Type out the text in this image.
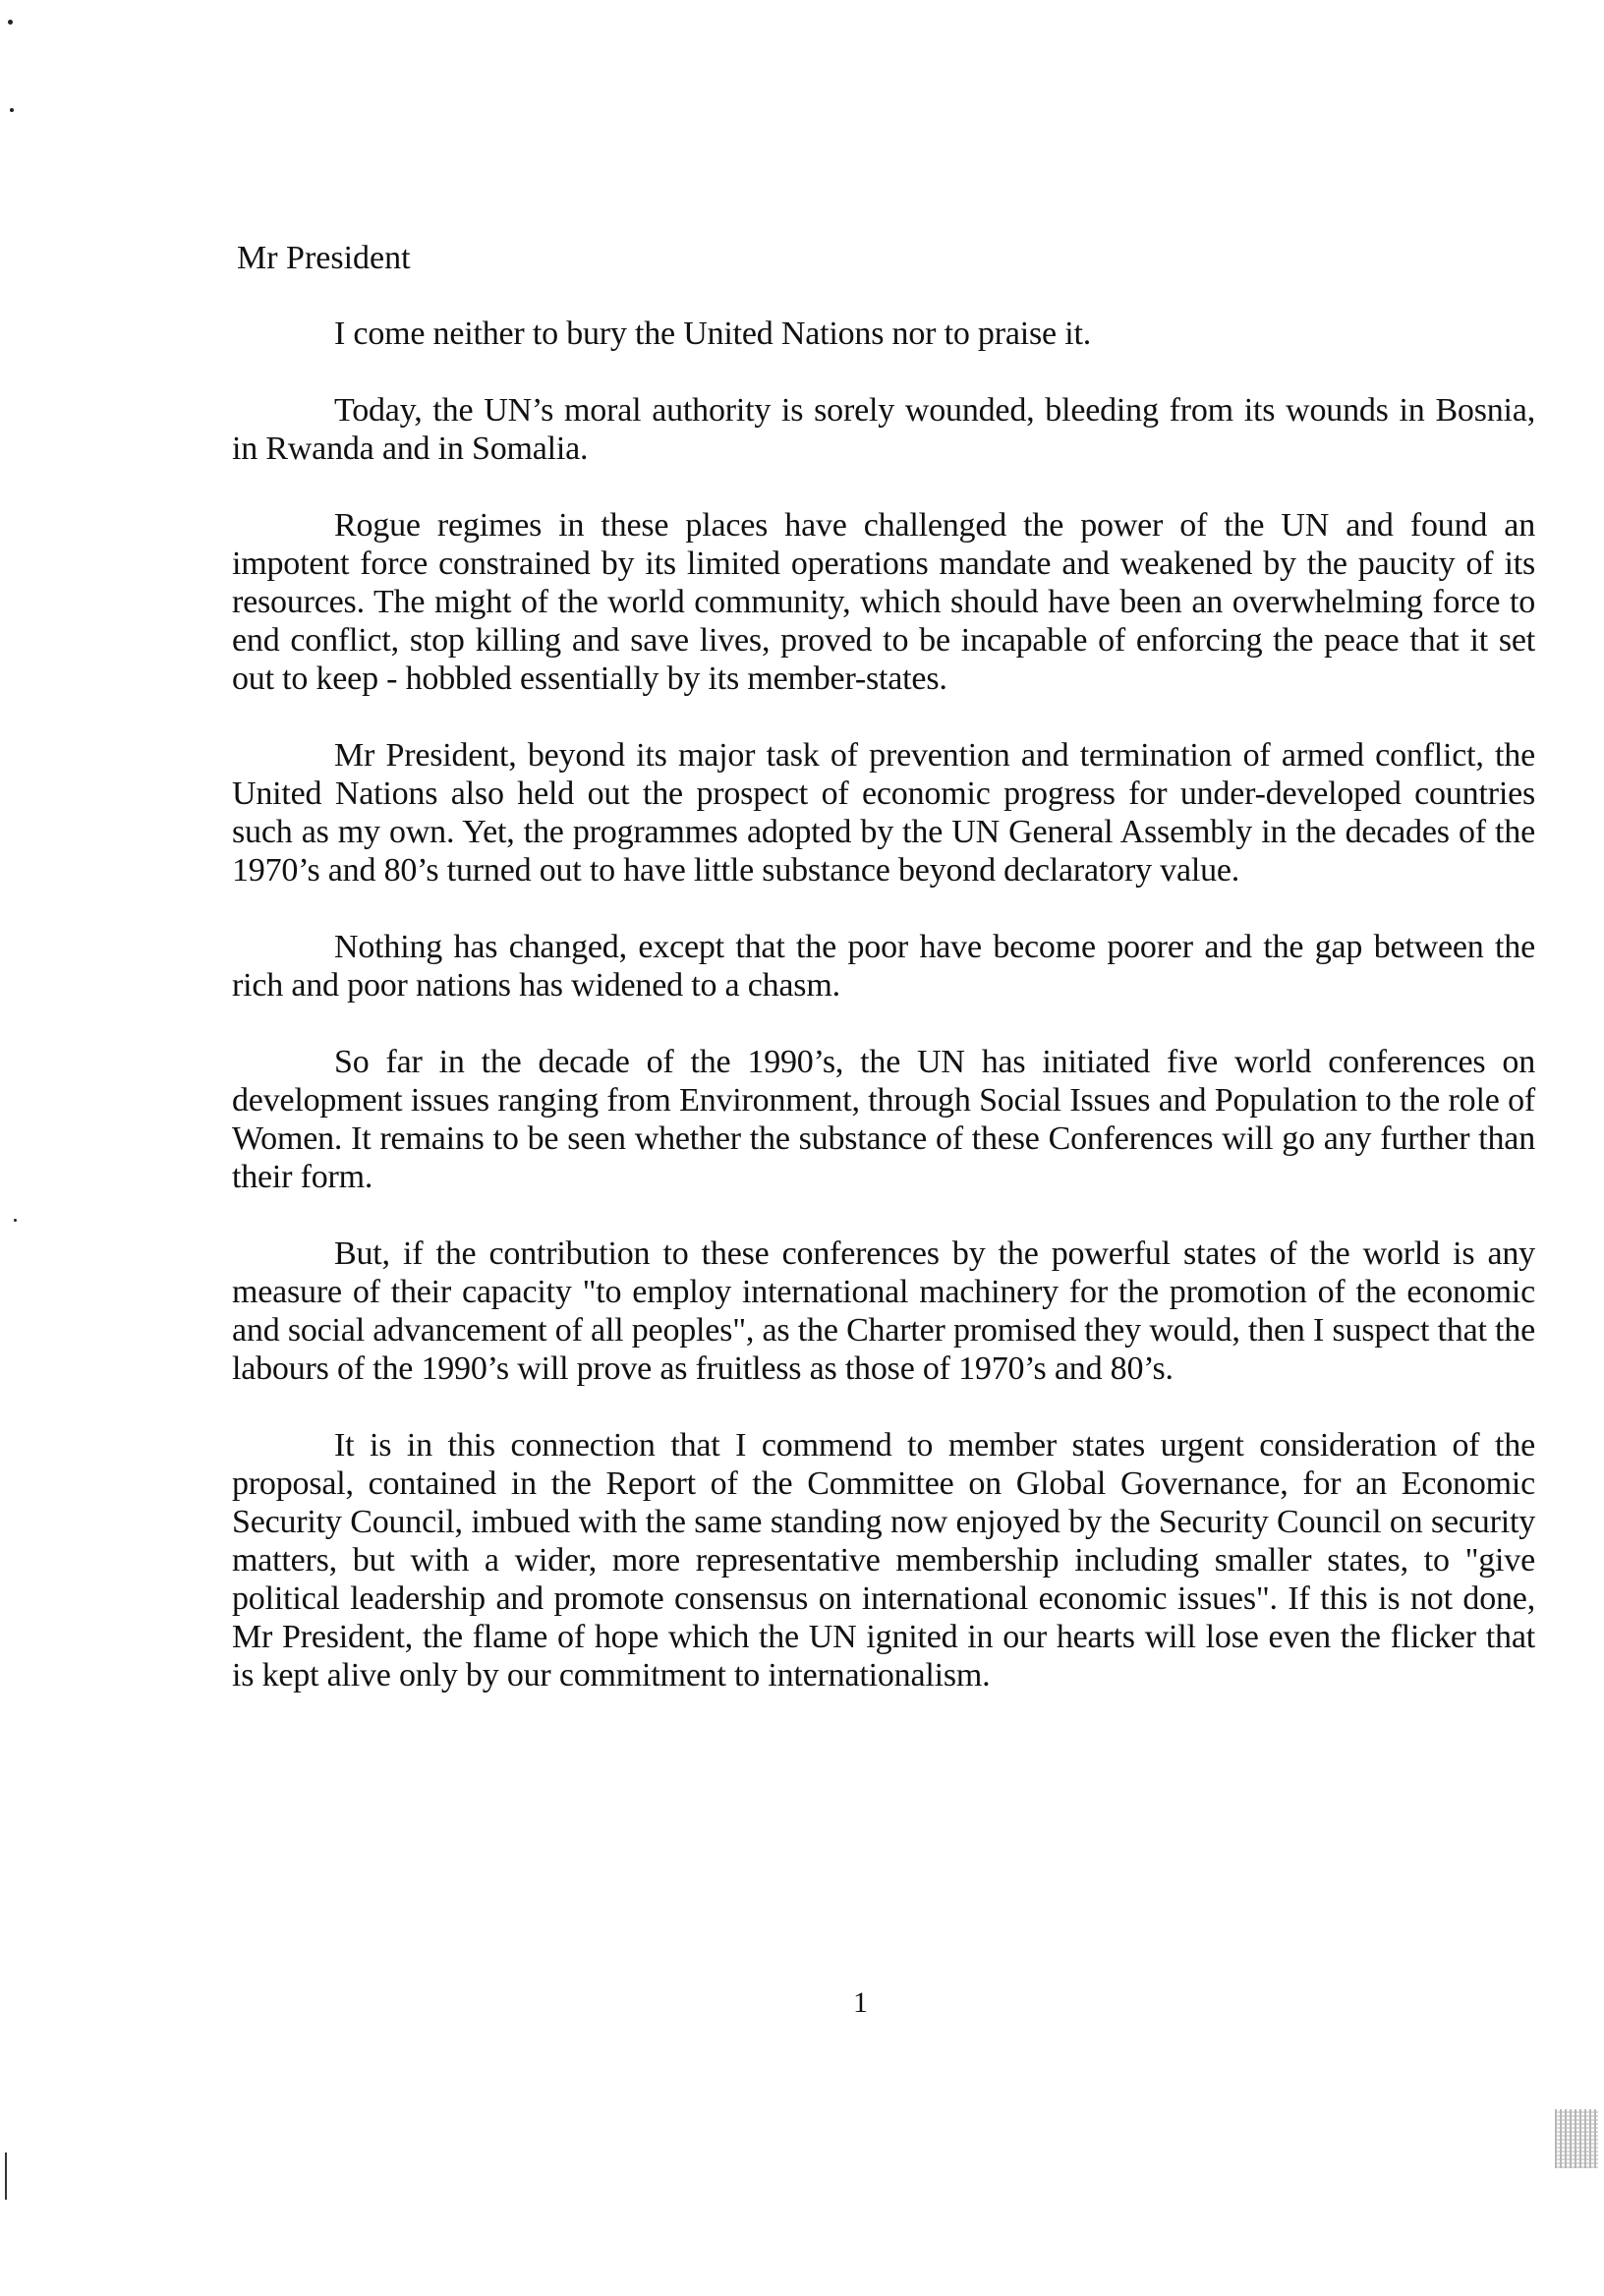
Mr President

I come neither to bury the United Nations nor to praise it.

Today, the UN’s moral authority is sorely wounded, bleeding from its wounds in Bosnia, in Rwanda and in Somalia.

Rogue regimes in these places have challenged the power of the UN and found an impotent force constrained by its limited operations mandate and weakened by the paucity of its resources. The might of the world community, which should have been an overwhelming force to end conflict, stop killing and save lives, proved to be incapable of enforcing the peace that it set out to keep - hobbled essentially by its member-states.

Mr President, beyond its major task of prevention and termination of armed conflict, the United Nations also held out the prospect of economic progress for under-developed countries such as my own. Yet, the programmes adopted by the UN General Assembly in the decades of the 1970’s and 80’s turned out to have little substance beyond declaratory value.

Nothing has changed, except that the poor have become poorer and the gap between the rich and poor nations has widened to a chasm.

So far in the decade of the 1990’s, the UN has initiated five world conferences on development issues ranging from Environment, through Social Issues and Population to the role of Women. It remains to be seen whether the substance of these Conferences will go any further than their form.

But, if the contribution to these conferences by the powerful states of the world is any measure of their capacity "to employ international machinery for the promotion of the economic and social advancement of all peoples", as the Charter promised they would, then I suspect that the labours of the 1990’s will prove as fruitless as those of 1970’s and 80’s.

It is in this connection that I commend to member states urgent consideration of the proposal, contained in the Report of the Committee on Global Governance, for an Economic Security Council, imbued with the same standing now enjoyed by the Security Council on security matters, but with a wider, more representative membership including smaller states, to "give political leadership and promote consensus on international economic issues". If this is not done, Mr President, the flame of hope which the UN ignited in our hearts will lose even the flicker that is kept alive only by our commitment to internationalism.

1
